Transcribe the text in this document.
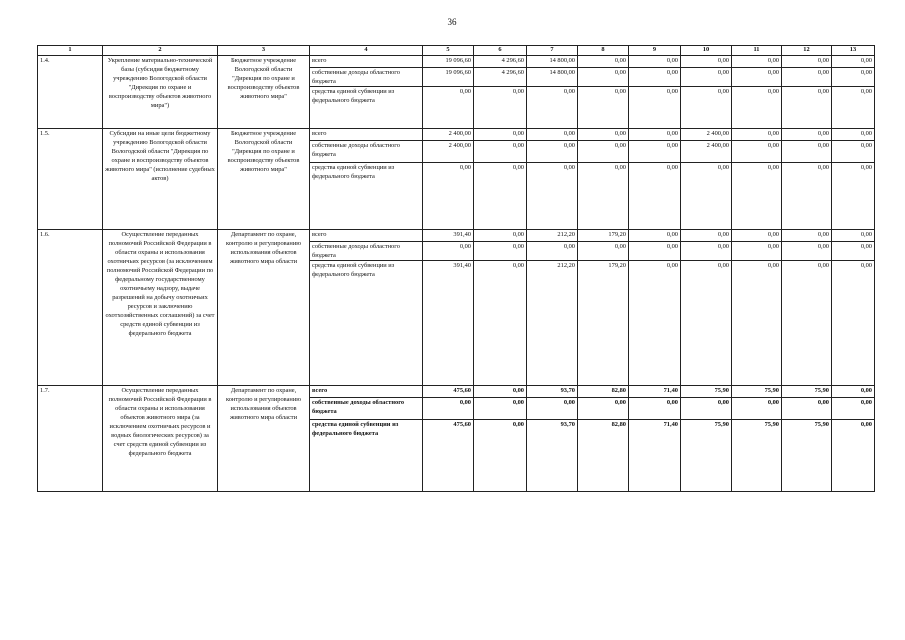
36
1	2	3	4	5	6	7	8	9	10	11	12	13
1.4.	Укрепление материально-технической базы (субсидия бюджетному учреждению Вологодской области "Дирекция по охране и воспроизводству объектов животного мира")	Бюджетное учреждение Вологодской области "Дирекция по охране и воспроизводству объектов животного мира"	всего	19 096,60	4 296,60	14 800,00	0,00	0,00	0,00	0,00	0,00	0,00
			собственные доходы областного бюджета	19 096,60	4 296,60	14 800,00	0,00	0,00	0,00	0,00	0,00	0,00
			средства единой субвенции из федерального бюджета	0,00	0,00	0,00	0,00	0,00	0,00	0,00	0,00	0,00
1.5.	Субсидии на иные цели бюджетному учреждению Вологодской области Вологодской области "Дирекция по охране и воспроизводству объектов животного мира" (исполнение судебных актов)	Бюджетное учреждение Вологодской области "Дирекция по охране и воспроизводству объектов животного мира"	всего	2 400,00	0,00	0,00	0,00	0,00	2 400,00	0,00	0,00	0,00
			собственные доходы областного бюджета	2 400,00	0,00	0,00	0,00	0,00	2 400,00	0,00	0,00	0,00
			средства единой субвенции из федерального бюджета	0,00	0,00	0,00	0,00	0,00	0,00	0,00	0,00	0,00
1.6.	Осуществление переданных полномочий Российской Федерации в области охраны и использования охотничьих ресурсов (за исключением полномочий Российской Федерации по федеральному государственному охотничьему надзору, выдаче разрешений на добычу охотничьих ресурсов и заключению охотхозяйственных соглашений) за счет средств единой субвенции из федерального бюджета	Департамент по охране, контролю и регулированию использования объектов животного мира области	всего	391,40	0,00	212,20	179,20	0,00	0,00	0,00	0,00	0,00
			собственные доходы областного бюджета	0,00	0,00	0,00	0,00	0,00	0,00	0,00	0,00	0,00
			средства единой субвенции из федерального бюджета	391,40	0,00	212,20	179,20	0,00	0,00	0,00	0,00	0,00
1.7.	Осуществление переданных полномочий Российской Федерации в области охраны и использования объектов животного мира (за исключением охотничьих ресурсов и водных биологических ресурсов) за счет средств единой субвенции из федерального бюджета	Департамент по охране, контролю и регулированию использования объектов животного мира области	всего	475,60	0,00	93,70	82,80	71,40	75,90	75,90	75,90	0,00
			собственные доходы областного бюджета	0,00	0,00	0,00	0,00	0,00	0,00	0,00	0,00	0,00
			средства единой субвенции из федерального бюджета	475,60	0,00	93,70	82,80	71,40	75,90	75,90	75,90	0,00
